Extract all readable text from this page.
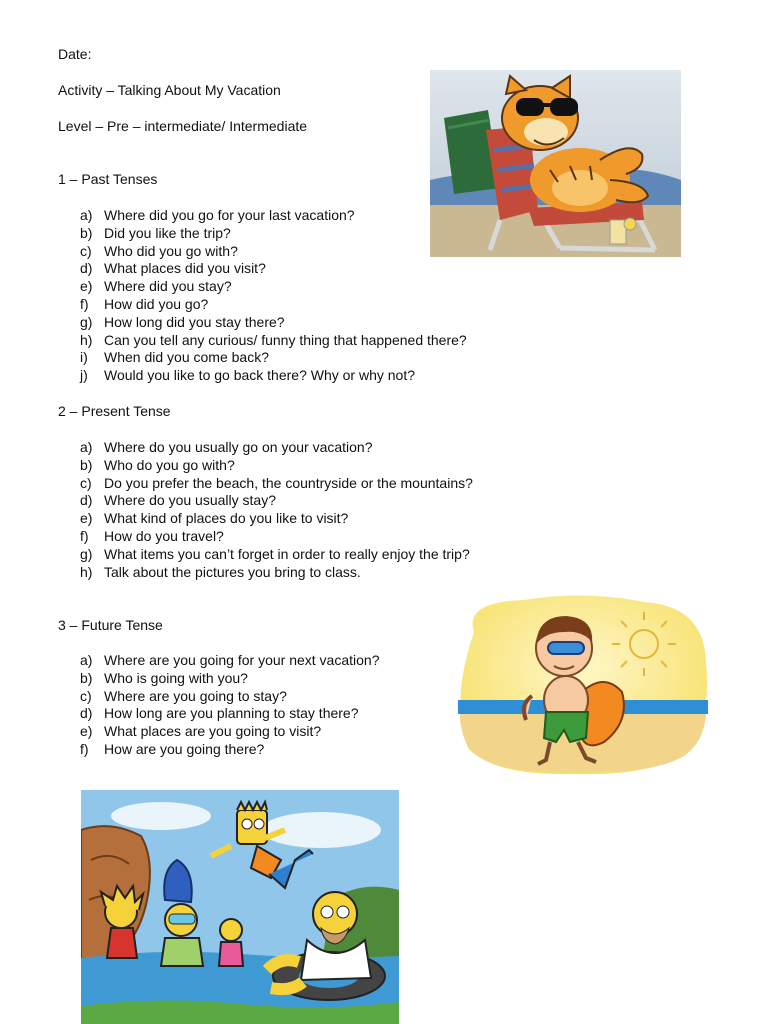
Date:
Activity – Talking About My Vacation
Level – Pre – intermediate/ Intermediate
1 – Past Tenses
a) Where did you go for your last vacation?
b) Did you like the trip?
c) Who did you go with?
d) What places did you visit?
e) Where did you stay?
f) How did you go?
g) How long did you stay there?
h) Can you tell any curious/ funny thing that happened there?
i) When did you come back?
j) Would you like to go back there? Why or why not?
2 – Present Tense
a) Where do you usually go on your vacation?
b) Who do you go with?
c) Do you prefer the beach, the countryside or the mountains?
d) Where do you usually stay?
e) What kind of places do you like to visit?
f) How do you travel?
g) What items you can’t forget in order to really enjoy the trip?
h) Talk about the pictures you bring to class.
3 – Future Tense
a) Where are you going for your next vacation?
b) Who is going with you?
c) Where are you going to stay?
d) How long are you planning to stay there?
e) What places are you going to visit?
f) How are you going there?
